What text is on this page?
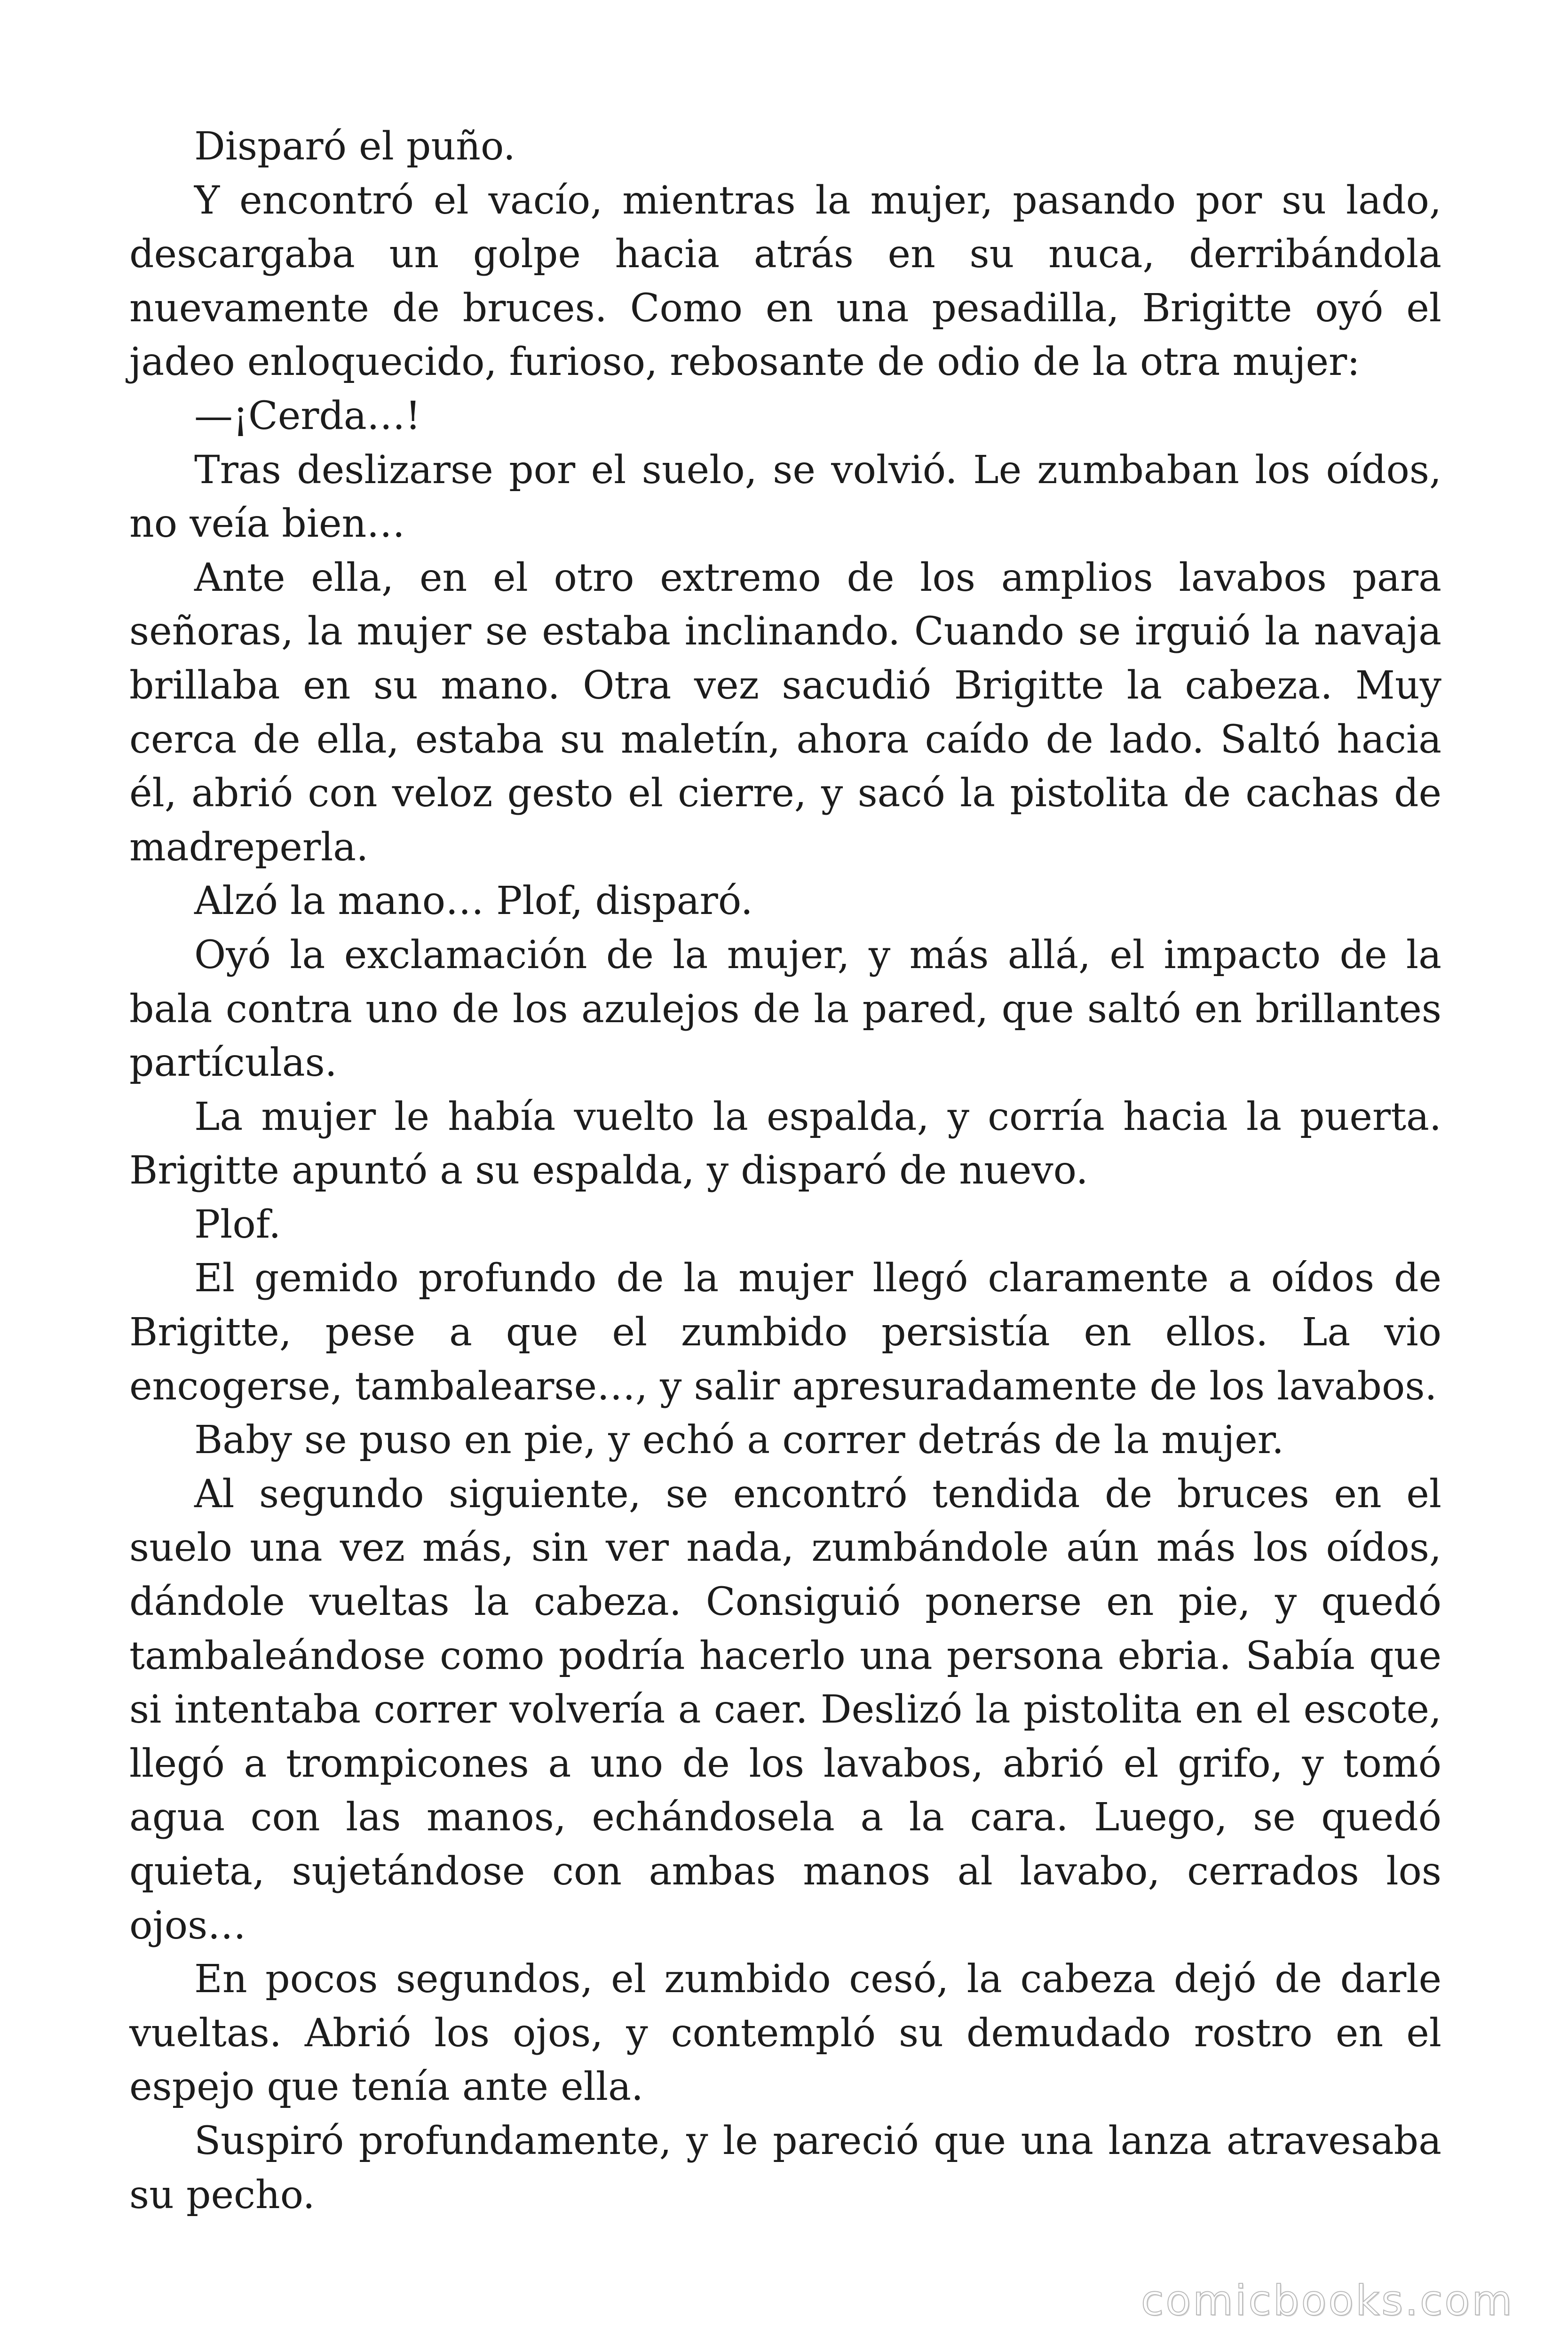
Disparó el puño.

Y encontró el vacío, mientras la mujer, pasando por su lado, descargaba un golpe hacia atrás en su nuca, derribándola nuevamente de bruces. Como en una pesadilla, Brigitte oyó el jadeo enloquecido, furioso, rebosante de odio de la otra mujer:

—¡Cerda…!

Tras deslizarse por el suelo, se volvió. Le zumbaban los oídos, no veía bien…

Ante ella, en el otro extremo de los amplios lavabos para señoras, la mujer se estaba inclinando. Cuando se irguió la navaja brillaba en su mano. Otra vez sacudió Brigitte la cabeza. Muy cerca de ella, estaba su maletín, ahora caído de lado. Saltó hacia él, abrió con veloz gesto el cierre, y sacó la pistolita de cachas de madreperla.

Alzó la mano… Plof, disparó.

Oyó la exclamación de la mujer, y más allá, el impacto de la bala contra uno de los azulejos de la pared, que saltó en brillantes partículas.

La mujer le había vuelto la espalda, y corría hacia la puerta. Brigitte apuntó a su espalda, y disparó de nuevo.

Plof.

El gemido profundo de la mujer llegó claramente a oídos de Brigitte, pese a que el zumbido persistía en ellos. La vio encogerse, tambalearse…, y salir apresuradamente de los lavabos.

Baby se puso en pie, y echó a correr detrás de la mujer.

Al segundo siguiente, se encontró tendida de bruces en el suelo una vez más, sin ver nada, zumbándole aún más los oídos, dándole vueltas la cabeza. Consiguió ponerse en pie, y quedó tambaleándose como podría hacerlo una persona ebria. Sabía que si intentaba correr volvería a caer. Deslizó la pistolita en el escote, llegó a trompicones a uno de los lavabos, abrió el grifo, y tomó agua con las manos, echándosela a la cara. Luego, se quedó quieta, sujetándose con ambas manos al lavabo, cerrados los ojos…

En pocos segundos, el zumbido cesó, la cabeza dejó de darle vueltas. Abrió los ojos, y contempló su demudado rostro en el espejo que tenía ante ella.

Suspiró profundamente, y le pareció que una lanza atravesaba su pecho.

comicbooks.com
